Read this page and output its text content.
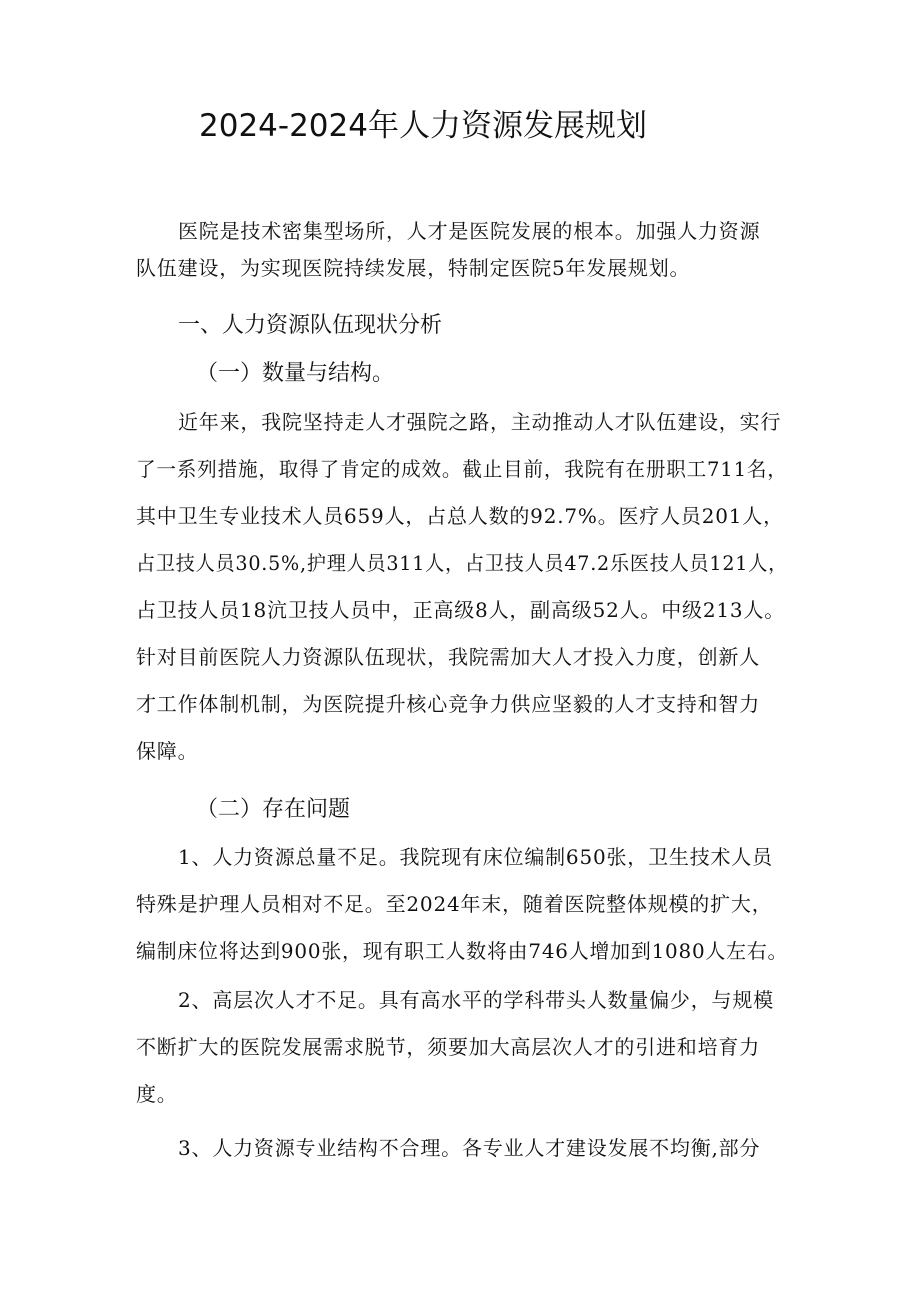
2024-2024年人力资源发展规划
医院是技术密集型场所，人才是医院发展的根本。加强人力资源
队伍建设，为实现医院持续发展，特制定医院5年发展规划。
一、人力资源队伍现状分析
（一）数量与结构。
近年来，我院坚持走人才强院之路，主动推动人才队伍建设，实行
了一系列措施，取得了肯定的成效。截止目前，我院有在册职工711名，
其中卫生专业技术人员659人，占总人数的92.7%。医疗人员201人，
占卫技人员30.5%,护理人员311人，占卫技人员47.2乐医技人员121人，
占卫技人员18沆卫技人员中，正高级8人，副高级52人。中级213人。
针对目前医院人力资源队伍现状，我院需加大人才投入力度，创新人
才工作体制机制，为医院提升核心竞争力供应坚毅的人才支持和智力
保障。
（二）存在问题
1、人力资源总量不足。我院现有床位编制650张，卫生技术人员
特殊是护理人员相对不足。至2024年末，随着医院整体规模的扩大，
编制床位将达到900张，现有职工人数将由746人增加到1080人左右。
2、高层次人才不足。具有高水平的学科带头人数量偏少，与规模
不断扩大的医院发展需求脱节，须要加大高层次人才的引进和培育力
度。
3、人力资源专业结构不合理。各专业人才建设发展不均衡,部分
